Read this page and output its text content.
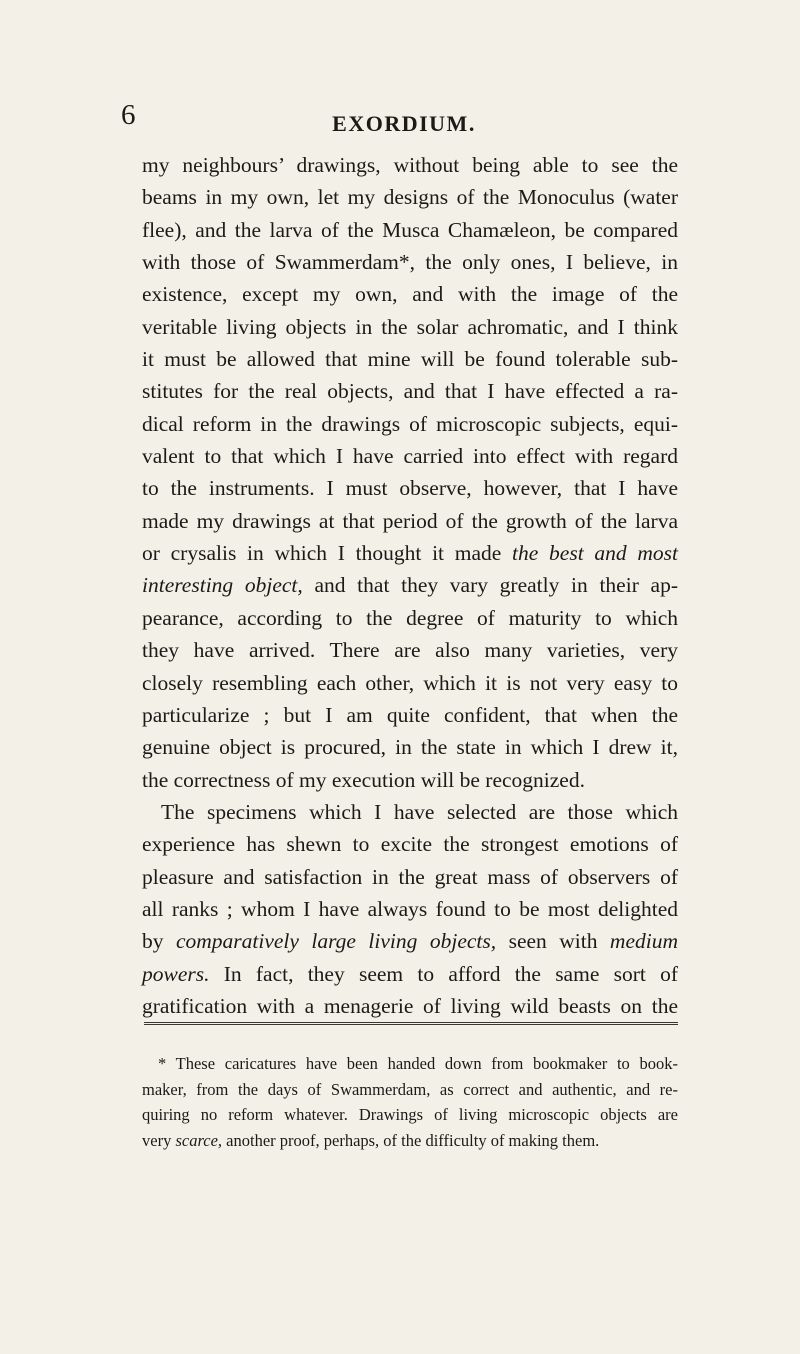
6	EXORDIUM.
my neighbours’ drawings, without being able to see the
beams in my own, let my designs of the Monoculus (water
flee), and the larva of the Musca Chamæleon, be compared
with those of Swammerdam*, the only ones, I believe, in
existence, except my own, and with the image of the
veritable living objects in the solar achromatic, and I think
it must be allowed that mine will be found tolerable sub-
stitutes for the real objects, and that I have effected a ra-
dical reform in the drawings of microscopic subjects, equi-
valent to that which I have carried into effect with regard
to the instruments. I must observe, however, that I have
made my drawings at that period of the growth of the larva
or crysalis in which I thought it made the best and most
interesting object, and that they vary greatly in their ap-
pearance, according to the degree of maturity to which
they have arrived. There are also many varieties, very
closely resembling each other, which it is not very easy to
particularize ; but I am quite confident, that when the
genuine object is procured, in the state in which I drew it,
the correctness of my execution will be recognized.
The specimens which I have selected are those which
experience has shewn to excite the strongest emotions of
pleasure and satisfaction in the great mass of observers of
all ranks ; whom I have always found to be most delighted
by comparatively large living objects, seen with medium
powers. In fact, they seem to afford the same sort of
gratification with a menagerie of living wild beasts on the
* These caricatures have been handed down from bookmaker to book-
maker, from the days of Swammerdam, as correct and authentic, and re-
quiring no reform whatever. Drawings of living microscopic objects are
very scarce, another proof, perhaps, of the difficulty of making them.
